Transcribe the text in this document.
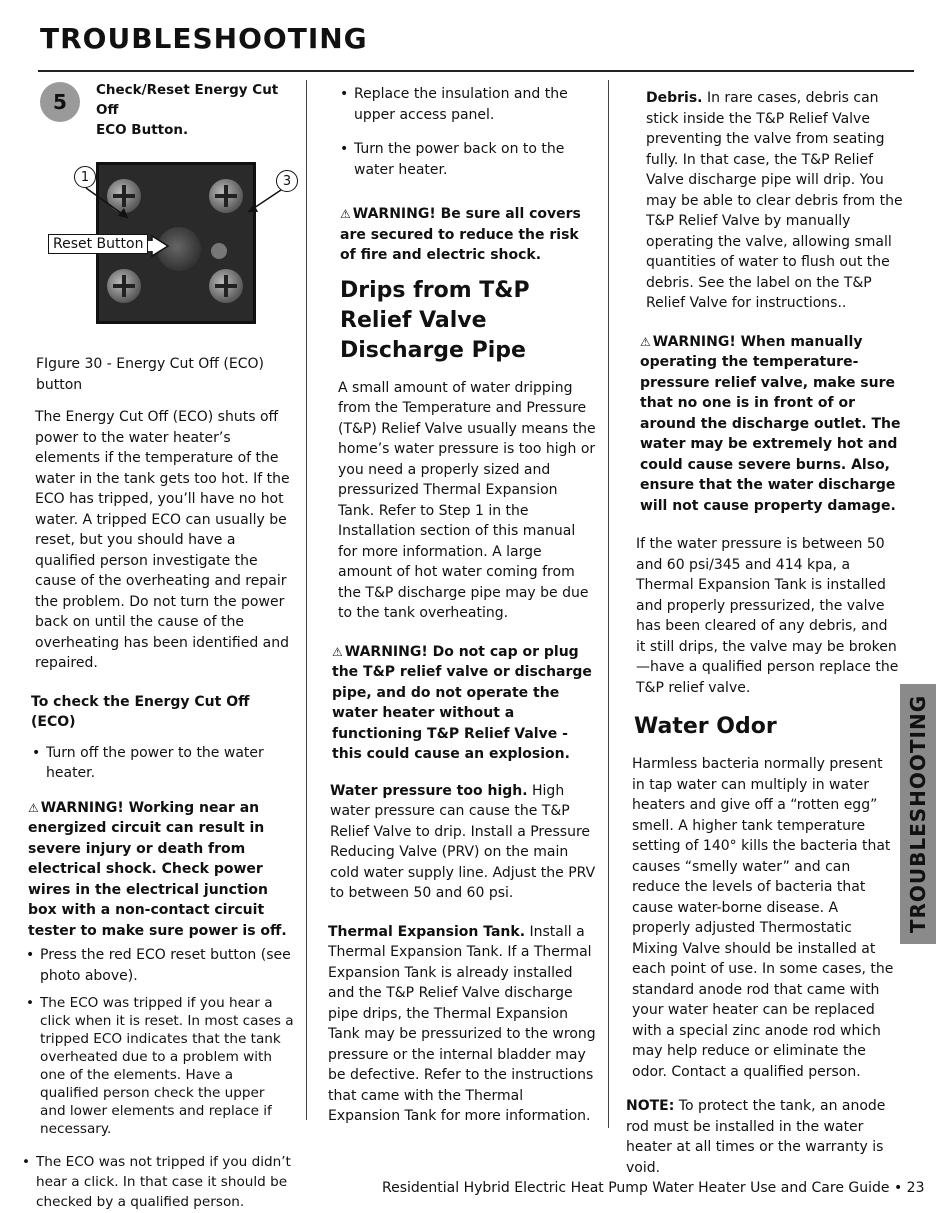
TROUBLESHOOTING
5	Check/Reset Energy Cut Off
ECO Button.
1	3
Reset Button

FIgure 30 - Energy Cut Off (ECO) button

The Energy Cut Off (ECO) shuts off power to the water heater’s elements if the temperature of the water in the tank gets too hot. If the ECO has tripped, you’ll have no hot water. A tripped ECO can usually be reset, but you should have a qualified person investigate the cause of the overheating and repair the problem. Do not turn the power back on until the cause of the overheating has been identified and repaired.

To check the Energy Cut Off (ECO)

• Turn off the power to the water heater.

⚠ WARNING! Working near an energized circuit can result in severe injury or death from electrical shock. Check power wires in the electrical junction box with a non-contact circuit tester to make sure power is off.

• Press the red ECO reset button (see photo above).
• The ECO was tripped if you hear a click when it is reset. In most cases a tripped ECO indicates that the tank overheated due to a problem with one of the elements. Have a qualified person check the upper and lower elements and replace if necessary.
• The ECO was not tripped if you didn’t hear a click. In that case it should be checked by a qualified person.
• Replace the insulation and the upper access panel.
• Turn the power back on to the water heater.

⚠ WARNING! Be sure all covers are secured to reduce the risk of fire and electric shock.

Drips from T&P Relief Valve Discharge Pipe

A small amount of water dripping from the Temperature and Pressure (T&P) Relief Valve usually means the home’s water pressure is too high or you need a properly sized and pressurized Thermal Expansion Tank. Refer to Step 1 in the Installation section of this manual for more information. A large amount of hot water coming from the T&P discharge pipe may be due to the tank overheating.

⚠ WARNING! Do not cap or plug the T&P relief valve or discharge pipe, and do not operate the water heater without a functioning T&P Relief Valve - this could cause an explosion.

Water pressure too high. High water pressure can cause the T&P Relief Valve to drip. Install a Pressure Reducing Valve (PRV) on the main cold water supply line. Adjust the PRV to between 50 and 60 psi.

Thermal Expansion Tank. Install a Thermal Expansion Tank. If a Thermal Expansion Tank is already installed and the T&P Relief Valve discharge pipe drips, the Thermal Expansion Tank may be pressurized to the wrong pressure or the internal bladder may be defective. Refer to the instructions that came with the Thermal Expansion Tank for more information.

Debris. In rare cases, debris can stick inside the T&P Relief Valve preventing the valve from seating fully. In that case, the T&P Relief Valve discharge pipe will drip. You may be able to clear debris from the T&P Relief Valve by manually operating the valve, allowing small quantities of water to flush out the debris. See the label on the T&P Relief Valve for instructions..

⚠ WARNING! When manually operating the temperature-pressure relief valve, make sure that no one is in front of or around the discharge outlet. The water may be extremely hot and could cause severe burns. Also, ensure that the water discharge will not cause property damage.

If the water pressure is between 50 and 60 psi/345 and 414 kpa, a Thermal Expansion Tank is installed and properly pressurized, the valve has been cleared of any debris, and it still drips, the valve may be broken—have a qualified person replace the T&P relief valve.

Water Odor

Harmless bacteria normally present in tap water can multiply in water heaters and give off a “rotten egg” smell. A higher tank temperature setting of 140° kills the bacteria that causes “smelly water” and can reduce the levels of bacteria that cause water-borne disease. A properly adjusted Thermostatic Mixing Valve should be installed at each point of use. In some cases, the standard anode rod that came with your water heater can be replaced with a special zinc anode rod which may help reduce or eliminate the odor. Contact a qualified person.

NOTE: To protect the tank, an anode rod must be installed in the water heater at all times or the warranty is void.

TROUBLESHOOTING
Residential Hybrid Electric Heat Pump Water Heater Use and Care Guide • 23
